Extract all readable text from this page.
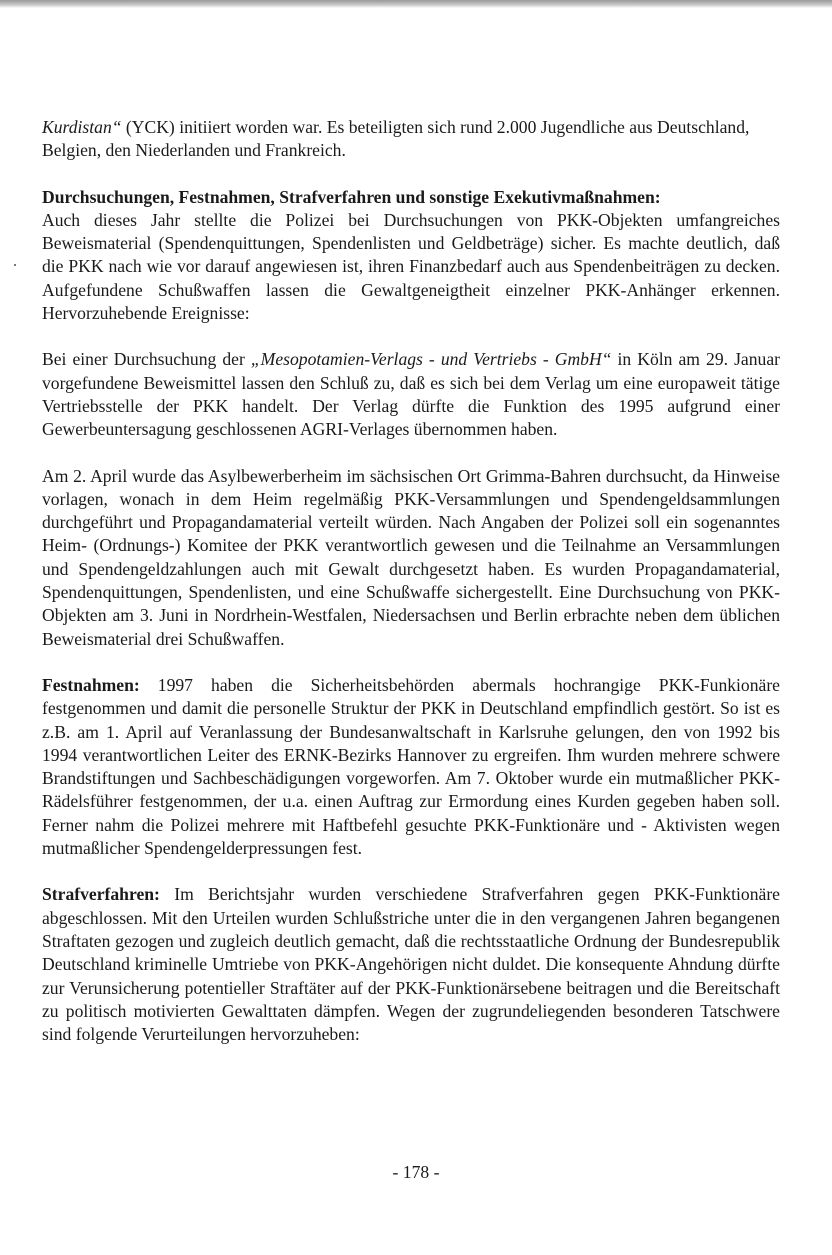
Kurdistan“ (YCK) initiiert worden war. Es beteiligten sich rund 2.000 Jugendliche aus Deutschland, Belgien, den Niederlanden und Frankreich.

Durchsuchungen, Festnahmen, Strafverfahren und sonstige Exekutivmaßnahmen:

Auch dieses Jahr stellte die Polizei bei Durchsuchungen von PKK-Objekten umfangreiches Beweismaterial (Spendenquittungen, Spendenlisten und Geldbeträge) sicher. Es machte deutlich, daß die PKK nach wie vor darauf angewiesen ist, ihren Finanzbedarf auch aus Spendenbeiträgen zu decken. Aufgefundene Schußwaffen lassen die Gewaltgeneigtheit einzelner PKK-Anhänger erkennen. Hervorzuhebende Ereignisse:

Bei einer Durchsuchung der „Mesopotamien-Verlags - und Vertriebs - GmbH“ in Köln am 29. Januar vorgefundene Beweismittel lassen den Schluß zu, daß es sich bei dem Verlag um eine europaweit tätige Vertriebsstelle der PKK handelt. Der Verlag dürfte die Funktion des 1995 aufgrund einer Gewerbeuntersagung geschlossenen AGRI-Verlages übernommen haben.

Am 2. April wurde das Asylbewerberheim im sächsischen Ort Grimma-Bahren durchsucht, da Hinweise vorlagen, wonach in dem Heim regelmäßig PKK-Versammlungen und Spendengeldsammlungen durchgeführt und Propagandamaterial verteilt würden. Nach Angaben der Polizei soll ein sogenanntes Heim- (Ordnungs-) Komitee der PKK verantwortlich gewesen und die Teilnahme an Versammlungen und Spendengeldzahlungen auch mit Gewalt durchgesetzt haben. Es wurden Propagandamaterial, Spendenquittungen, Spendenlisten, und eine Schußwaffe sichergestellt. Eine Durchsuchung von PKK-Objekten am 3. Juni in Nordrhein-Westfalen, Niedersachsen und Berlin erbrachte neben dem üblichen Beweismaterial drei Schußwaffen.

Festnahmen: 1997 haben die Sicherheitsbehörden abermals hochrangige PKK-Funkionäre festgenommen und damit die personelle Struktur der PKK in Deutschland empfindlich gestört. So ist es z.B. am 1. April auf Veranlassung der Bundesanwaltschaft in Karlsruhe gelungen, den von 1992 bis 1994 verantwortlichen Leiter des ERNK-Bezirks Hannover zu ergreifen. Ihm wurden mehrere schwere Brandstiftungen und Sachbeschädigungen vorgeworfen. Am 7. Oktober wurde ein mutmaßlicher PKK-Rädelsführer festgenommen, der u.a. einen Auftrag zur Ermordung eines Kurden gegeben haben soll. Ferner nahm die Polizei mehrere mit Haftbefehl gesuchte PKK-Funktionäre und - Aktivisten wegen mutmaßlicher Spendengelderpressungen fest.

Strafverfahren: Im Berichtsjahr wurden verschiedene Strafverfahren gegen PKK-Funktionäre abgeschlossen. Mit den Urteilen wurden Schlußstriche unter die in den vergangenen Jahren begangenen Straftaten gezogen und zugleich deutlich gemacht, daß die rechtsstaatliche Ordnung der Bundesrepublik Deutschland kriminelle Umtriebe von PKK-Angehörigen nicht duldet. Die konsequente Ahndung dürfte zur Verunsicherung potentieller Straftäter auf der PKK-Funktionärsebene beitragen und die Bereitschaft zu politisch motivierten Gewalttaten dämpfen. Wegen der zugrundeliegenden besonderen Tatschwere sind folgende Verurteilungen hervorzuheben:

- 178 -
